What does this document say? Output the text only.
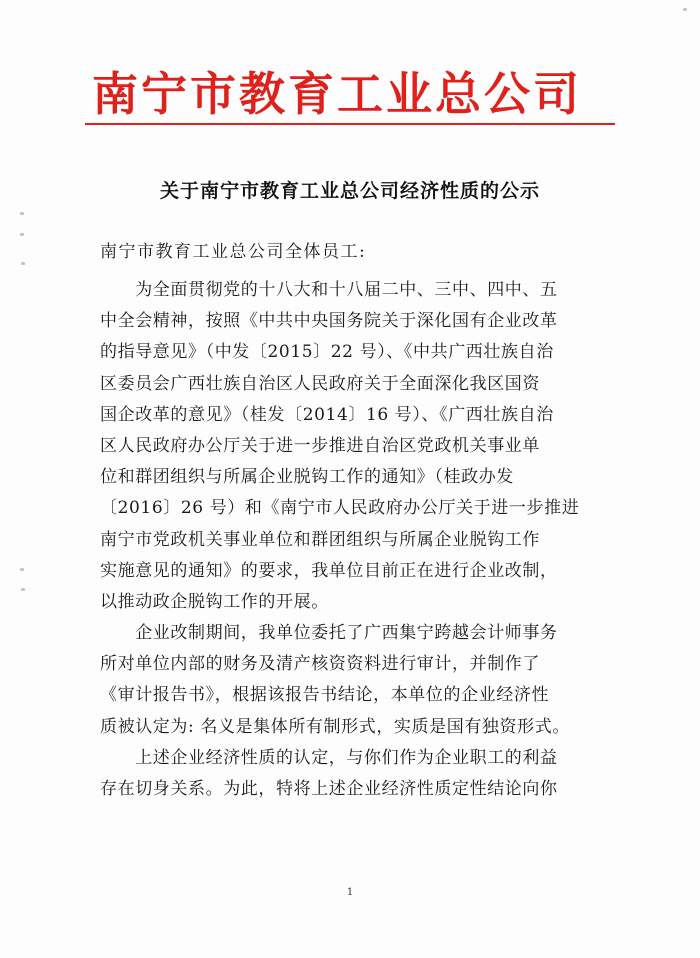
南宁市教育工业总公司
关于南宁市教育工业总公司经济性质的公示
南宁市教育工业总公司全体员工:
　　为全面贯彻党的十八大和十八届二中、三中、四中、五
中全会精神，按照《中共中央国务院关于深化国有企业改革
的指导意见》（中发〔2015〕22 号）、《中共广西壮族自治
区委员会广西壮族自治区人民政府关于全面深化我区国资
国企改革的意见》（桂发〔2014〕16 号）、《广西壮族自治
区人民政府办公厅关于进一步推进自治区党政机关事业单
位和群团组织与所属企业脱钩工作的通知》（桂政办发
〔2016〕26 号）和《南宁市人民政府办公厅关于进一步推进
南宁市党政机关事业单位和群团组织与所属企业脱钩工作
实施意见的通知》的要求，我单位目前正在进行企业改制，
以推动政企脱钩工作的开展。
　　企业改制期间，我单位委托了广西集宁跨越会计师事务
所对单位内部的财务及清产核资资料进行审计，并制作了
《审计报告书》，根据该报告书结论，本单位的企业经济性
质被认定为: 名义是集体所有制形式，实质是国有独资形式。
　　上述企业经济性质的认定，与你们作为企业职工的利益
存在切身关系。为此，特将上述企业经济性质定性结论向你
1
